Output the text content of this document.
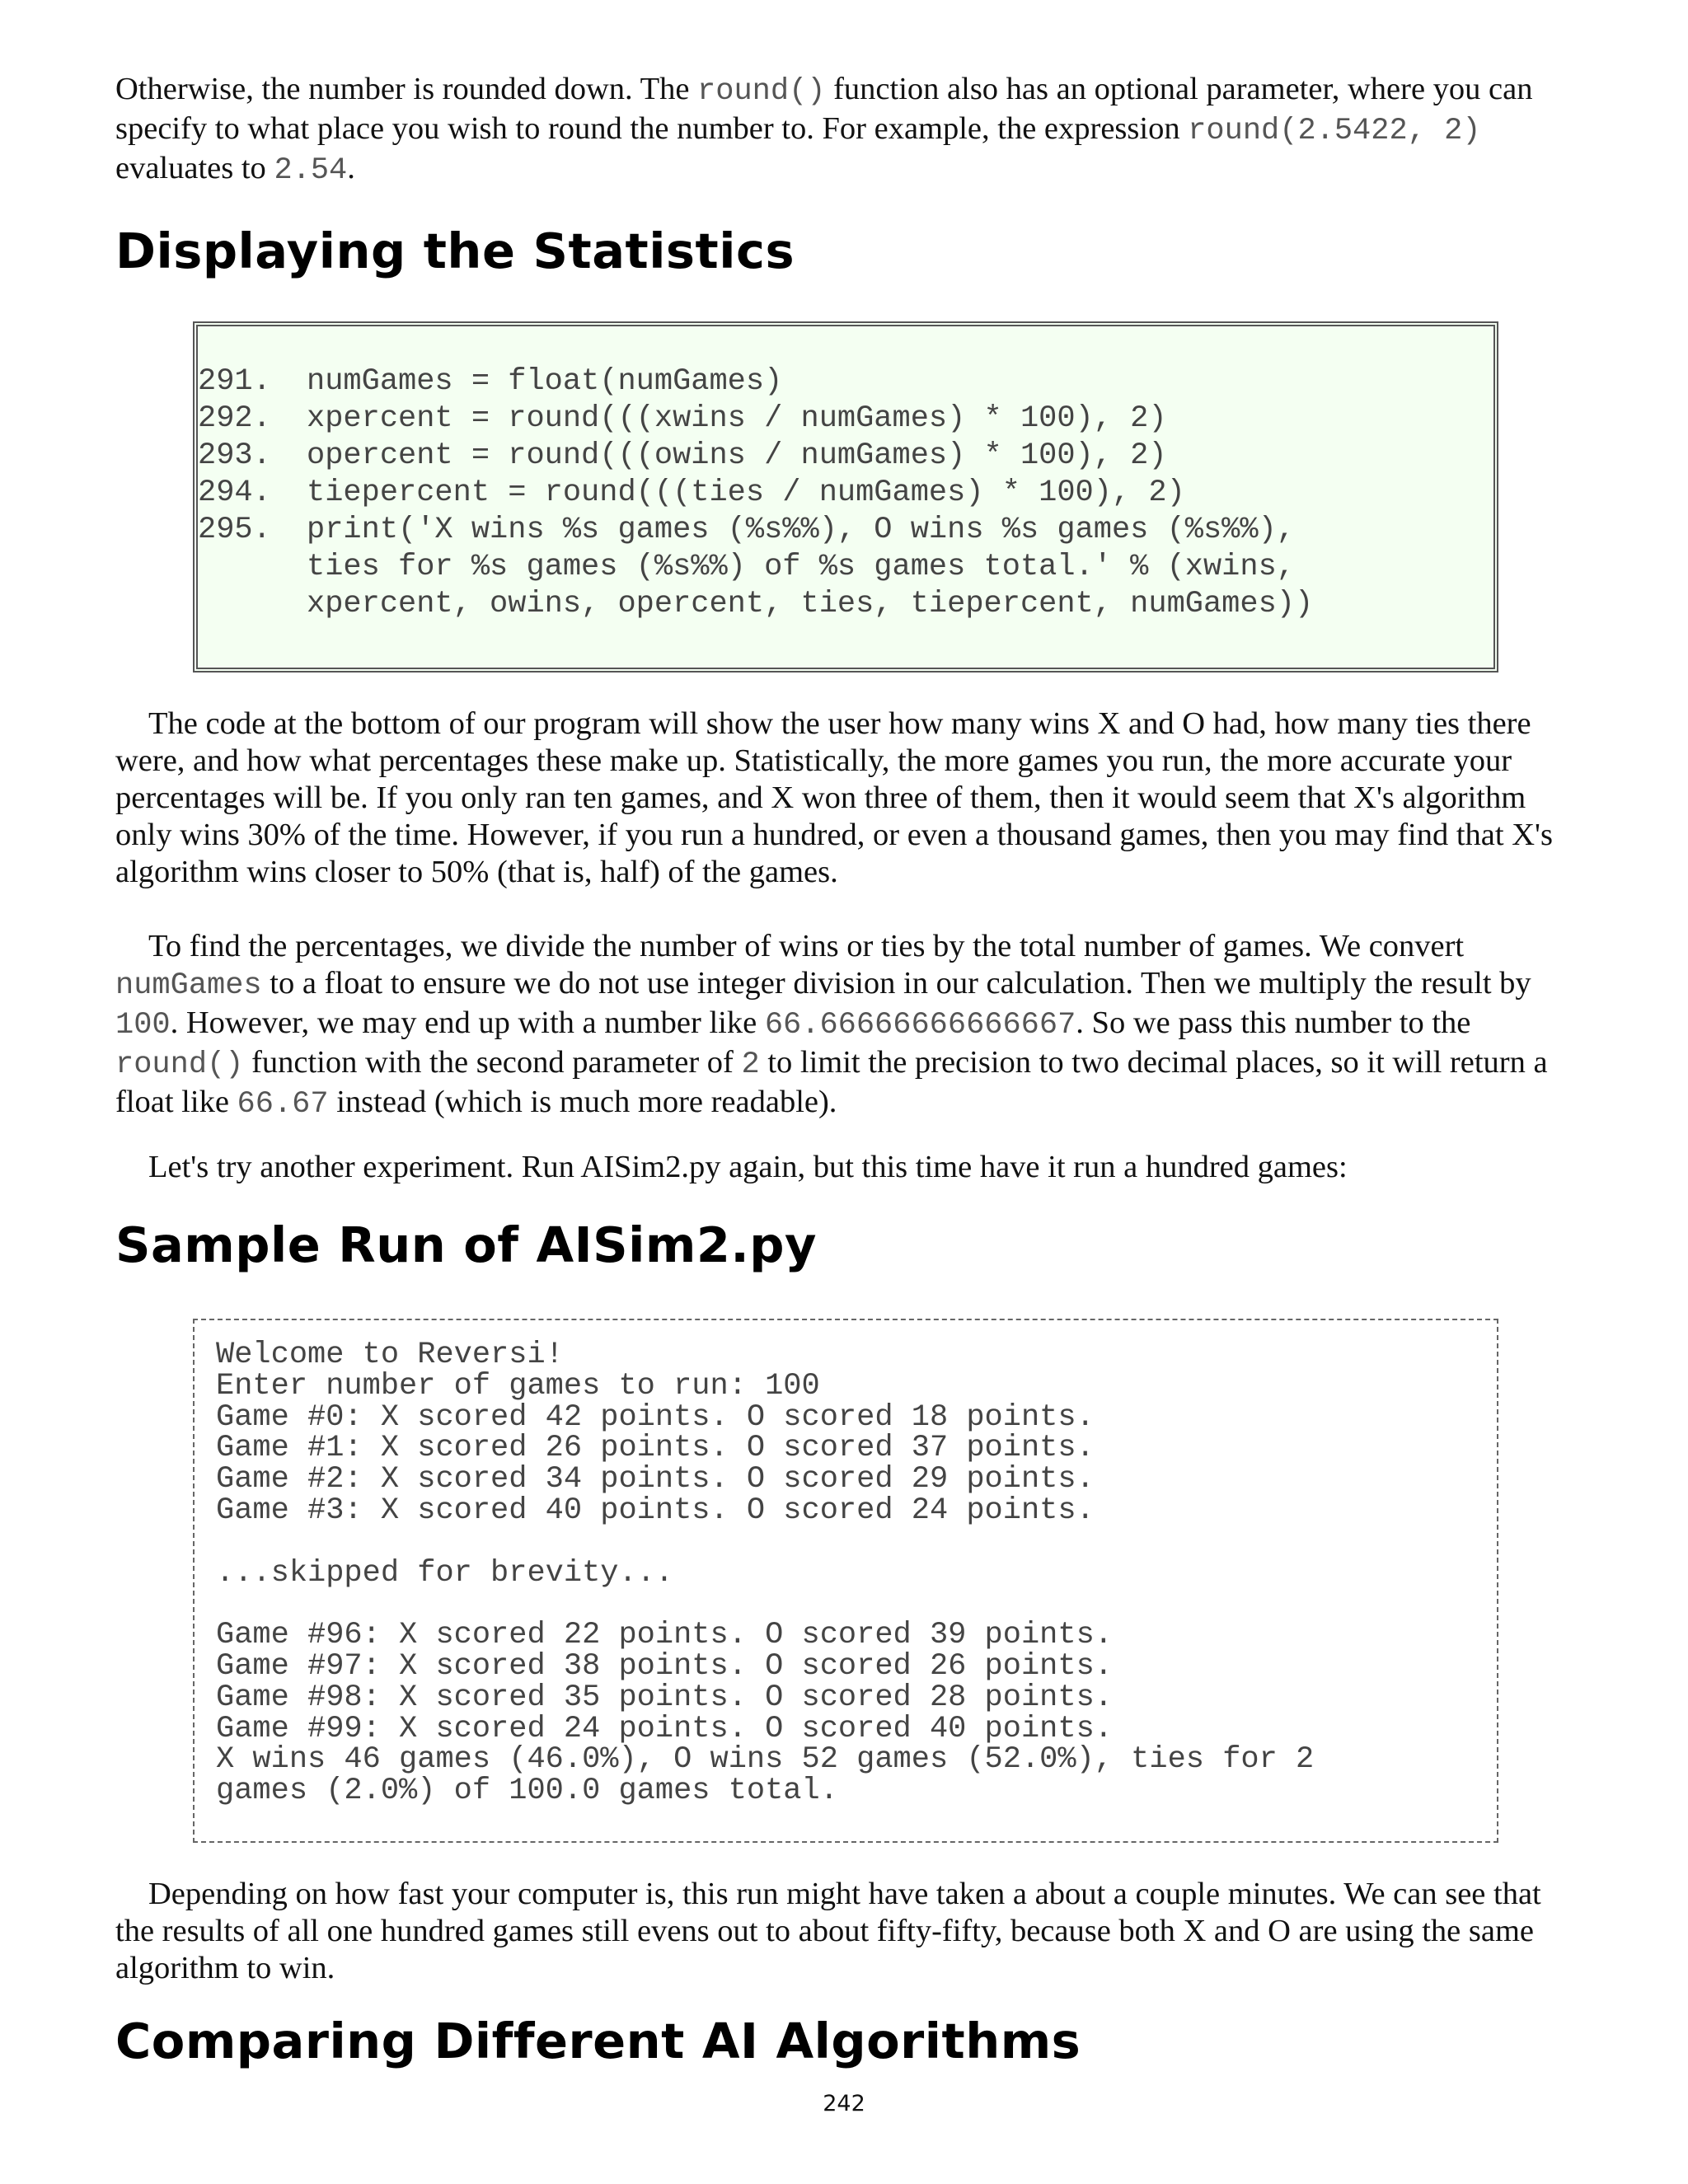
Otherwise, the number is rounded down. The round() function also has an optional parameter, where you can specify to what place you wish to round the number to. For example, the expression round(2.5422, 2) evaluates to 2.54.

Displaying the Statistics
291.	numGames = float(numGames)
292.	xpercent = round(((xwins / numGames) * 100), 2)
293.	opercent = round(((owins / numGames) * 100), 2)
294.	tiepercent = round(((ties / numGames) * 100), 2)
295.	print('X wins %s games (%s%%), O wins %s games (%s%%),
ties for %s games (%s%%) of %s games total.' % (xwins,
xpercent, owins, opercent, ties, tiepercent, numGames))

The code at the bottom of our program will show the user how many wins X and O had, how many ties there were, and how what percentages these make up. Statistically, the more games you run, the more accurate your percentages will be. If you only ran ten games, and X won three of them, then it would seem that X's algorithm only wins 30% of the time. However, if you run a hundred, or even a thousand games, then you may find that X's algorithm wins closer to 50% (that is, half) of the games.

To find the percentages, we divide the number of wins or ties by the total number of games. We convert numGames to a float to ensure we do not use integer division in our calculation. Then we multiply the result by 100. However, we may end up with a number like 66.66666666666667. So we pass this number to the round() function with the second parameter of 2 to limit the precision to two decimal places, so it will return a float like 66.67 instead (which is much more readable).

Let's try another experiment. Run AISim2.py again, but this time have it run a hundred games:

Sample Run of AISim2.py
Welcome to Reversi!
Enter number of games to run: 100
Game #0: X scored 42 points. O scored 18 points.
Game #1: X scored 26 points. O scored 37 points.
Game #2: X scored 34 points. O scored 29 points.
Game #3: X scored 40 points. O scored 24 points.

...skipped for brevity...

Game #96: X scored 22 points. O scored 39 points.
Game #97: X scored 38 points. O scored 26 points.
Game #98: X scored 35 points. O scored 28 points.
Game #99: X scored 24 points. O scored 40 points.
X wins 46 games (46.0%), O wins 52 games (52.0%), ties for 2
games (2.0%) of 100.0 games total.

Depending on how fast your computer is, this run might have taken a about a couple minutes. We can see that the results of all one hundred games still evens out to about fifty-fifty, because both X and O are using the same algorithm to win.

Comparing Different AI Algorithms
242
